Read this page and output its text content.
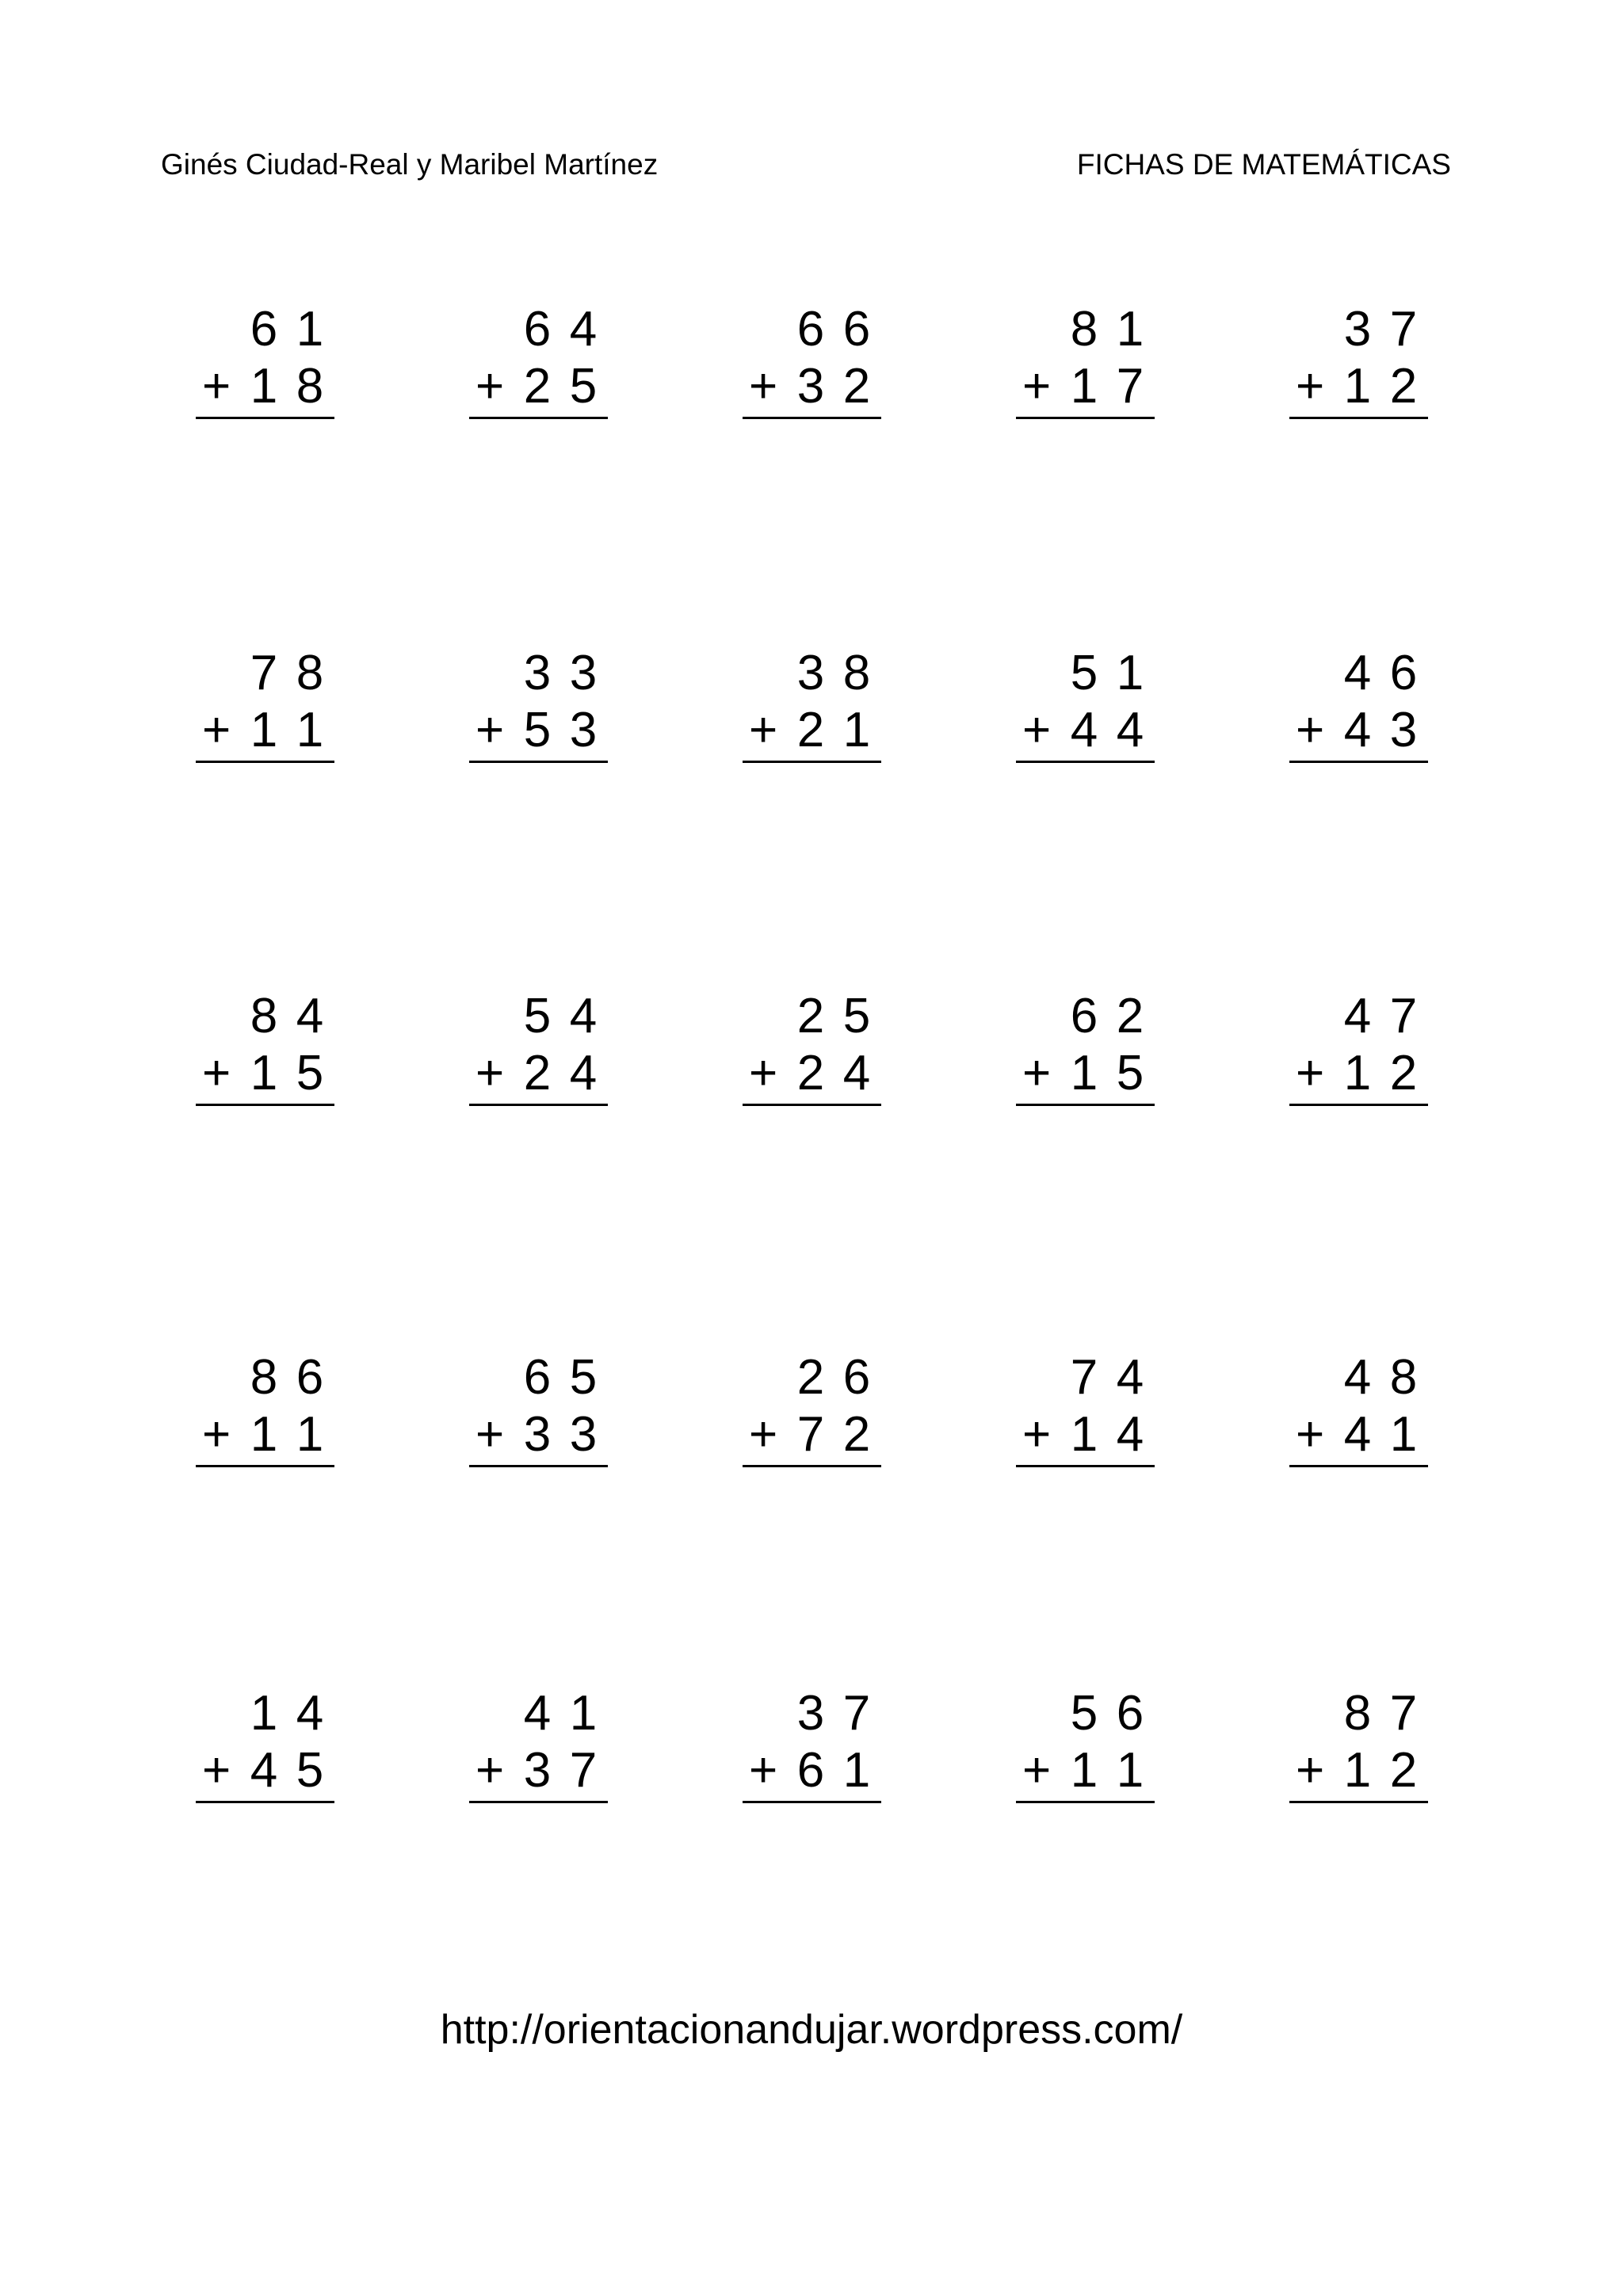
Ginés Ciudad-Real y Maribel Martínez	FICHAS DE MATEMÁTICAS
6 1
+ 1 8
6 4
+ 2 5
6 6
+ 3 2
8 1
+ 1 7
3 7
+ 1 2
7 8
+ 1 1
3 3
+ 5 3
3 8
+ 2 1
5 1
+ 4 4
4 6
+ 4 3
8 4
+ 1 5
5 4
+ 2 4
2 5
+ 2 4
6 2
+ 1 5
4 7
+ 1 2
8 6
+ 1 1
6 5
+ 3 3
2 6
+ 7 2
7 4
+ 1 4
4 8
+ 4 1
1 4
+ 4 5
4 1
+ 3 7
3 7
+ 6 1
5 6
+ 1 1
8 7
+ 1 2
http://orientacionandujar.wordpress.com/
